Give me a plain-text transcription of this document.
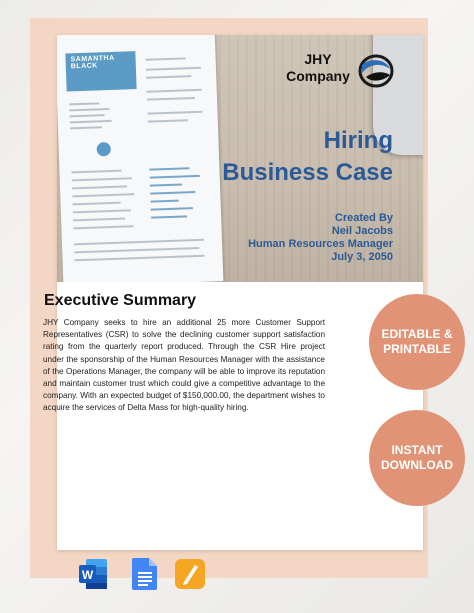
SAMANTHA BLACK	JHY Company
Hiring
Business Case
Created By
Neil Jacobs
Human Resources Manager
July 3, 2050
Executive Summary
JHY Company seeks to hire an additional 25 more Customer Support Representatives (CSR) to solve the declining customer support satisfaction rating from the quarterly report produced. Through the CSR Hire project under the sponsorship of the Human Resources Manager with the assistance of the Operations Manager, the company will be able to improve its reputation and maintain customer trust which could give a competitive advantage to the company. With an expected budget of $150,000.00, the department wishes to acquire the services of Delta Mass for high-quality hiring.
EDITABLE & PRINTABLE
INSTANT DOWNLOAD
W
